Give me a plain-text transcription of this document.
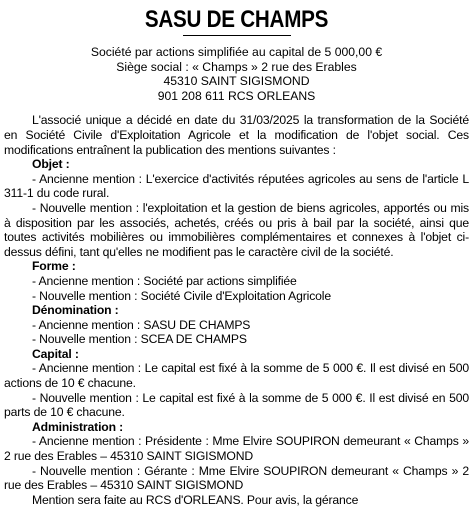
SASU DE CHAMPS
Société par actions simplifiée au capital de 5 000,00 €
Siège social : « Champs » 2 rue des Erables
45310 SAINT SIGISMOND
901 208 611 RCS ORLEANS

L'associé unique a décidé en date du 31/03/2025 la transformation de la Société en Société Civile d'Exploitation Agricole et la modification de l'objet social. Ces modifications entraînent la publication des mentions suivantes :

Objet :

- Ancienne mention : L'exercice d'activités réputées agricoles au sens de l'article L 311-1 du code rural.

- Nouvelle mention : l'exploitation et la gestion de biens agricoles, apportés ou mis à disposition par les associés, achetés, créés ou pris à bail par la société, ainsi que toutes activités mobilières ou immobilières complémentaires et connexes à l'objet ci-dessus défini, tant qu'elles ne modifient pas le caractère civil de la société.

Forme :

- Ancienne mention : Société par actions simplifiée

- Nouvelle mention : Société Civile d'Exploitation Agricole

Dénomination :

- Ancienne mention : SASU DE CHAMPS

- Nouvelle mention : SCEA DE CHAMPS

Capital :

- Ancienne mention : Le capital est fixé à la somme de 5 000 €. Il est divisé en 500 actions de 10 € chacune.

- Nouvelle mention : Le capital est fixé à la somme de 5 000 €. Il est divisé en 500 parts de 10 € chacune.

Administration :

- Ancienne mention : Présidente : Mme Elvire SOUPIRON demeurant « Champs » 2 rue des Erables – 45310 SAINT SIGISMOND

- Nouvelle mention : Gérante : Mme Elvire SOUPIRON demeurant « Champs » 2 rue des Erables – 45310 SAINT SIGISMOND

Mention sera faite au RCS d'ORLEANS. Pour avis, la gérance
